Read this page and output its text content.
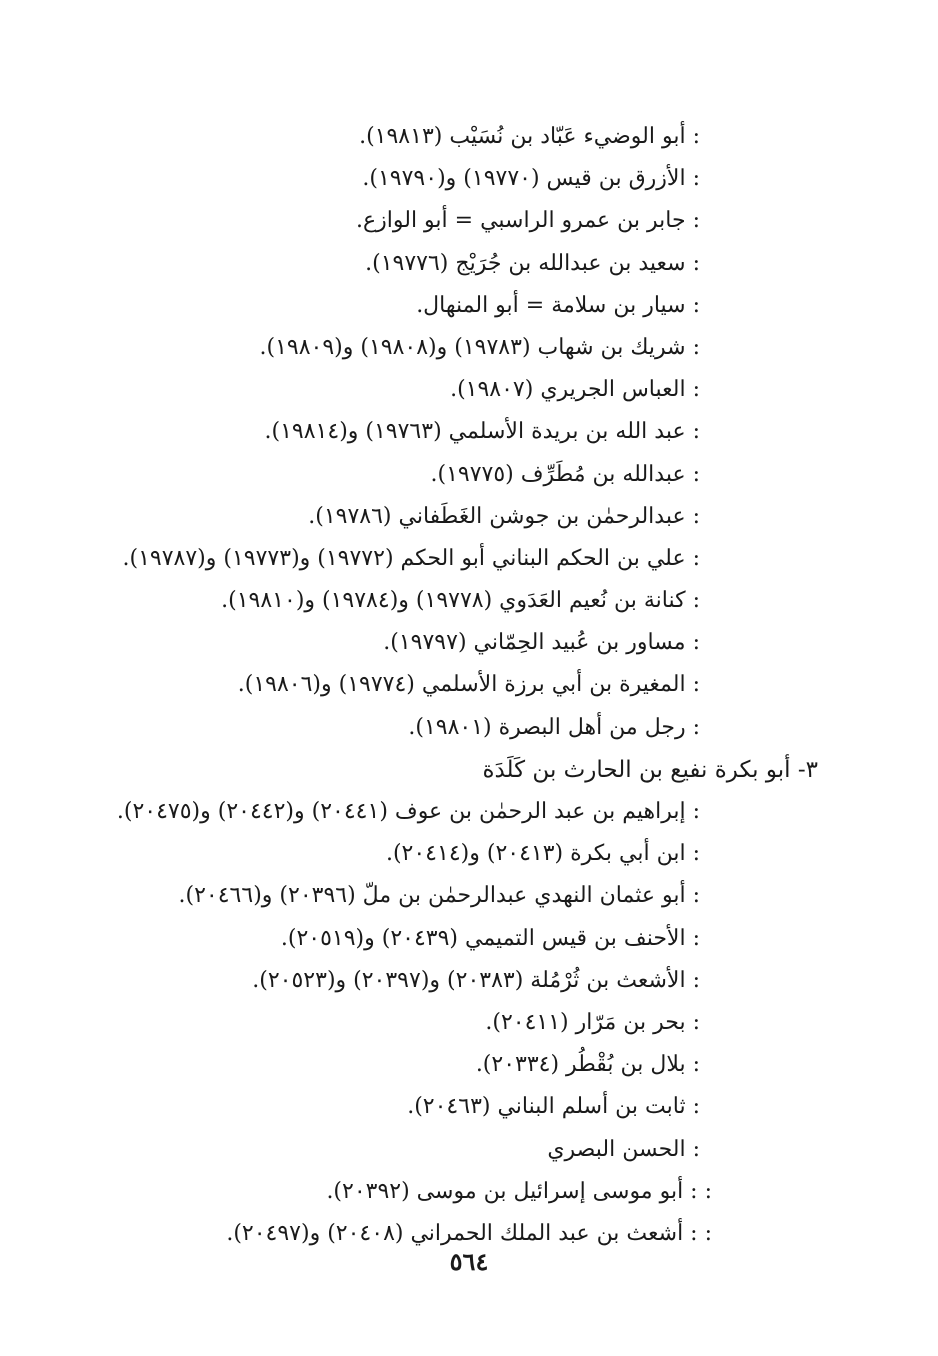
: أبو الوضيء عَبّاد بن نُسَيْب (١٩٨١٣).
: الأزرق بن قيس (١٩٧٧٠) و(١٩٧٩٠).
: جابر بن عمرو الراسبي = أبو الوازع.
: سعيد بن عبدالله بن جُرَيْج (١٩٧٧٦).
: سيار بن سلامة = أبو المنهال.
: شريك بن شهاب (١٩٧٨٣) و(١٩٨٠٨) و(١٩٨٠٩).
: العباس الجريري (١٩٨٠٧).
: عبد الله بن بريدة الأسلمي (١٩٧٦٣) و(١٩٨١٤).
: عبدالله بن مُطَرِّف (١٩٧٧٥).
: عبدالرحمٰن بن جوشن الغَطَفاني (١٩٧٨٦).
: علي بن الحكم البناني أبو الحكم (١٩٧٧٢) و(١٩٧٧٣) و(١٩٧٨٧).
: كنانة بن نُعيم العَدَوي (١٩٧٧٨) و(١٩٧٨٤) و(١٩٨١٠).
: مساور بن عُبيد الحِمّاني (١٩٧٩٧).
: المغيرة بن أبي برزة الأسلمي (١٩٧٧٤) و(١٩٨٠٦).
: رجل من أهل البصرة (١٩٨٠١).
٣- أبو بكرة نفيع بن الحارث بن كَلَدَة
: إبراهيم بن عبد الرحمٰن بن عوف (٢٠٤٤١) و(٢٠٤٤٢) و(٢٠٤٧٥).
: ابن أبي بكرة (٢٠٤١٣) و(٢٠٤١٤).
: أبو عثمان النهدي عبدالرحمٰن بن ملّ (٢٠٣٩٦) و(٢٠٤٦٦).
: الأحنف بن قيس التميمي (٢٠٤٣٩) و(٢٠٥١٩).
: الأشعث بن ثُرْمُلة (٢٠٣٨٣) و(٢٠٣٩٧) و(٢٠٥٢٣).
: بحر بن مَرّار (٢٠٤١١).
: بلال بن بُقْطُر (٢٠٣٣٤).
: ثابت بن أسلم البناني (٢٠٤٦٣).
: الحسن البصري
: : أبو موسى إسرائيل بن موسى (٢٠٣٩٢).
: : أشعث بن عبد الملك الحمراني (٢٠٤٠٨) و(٢٠٤٩٧).
٥٦٤
